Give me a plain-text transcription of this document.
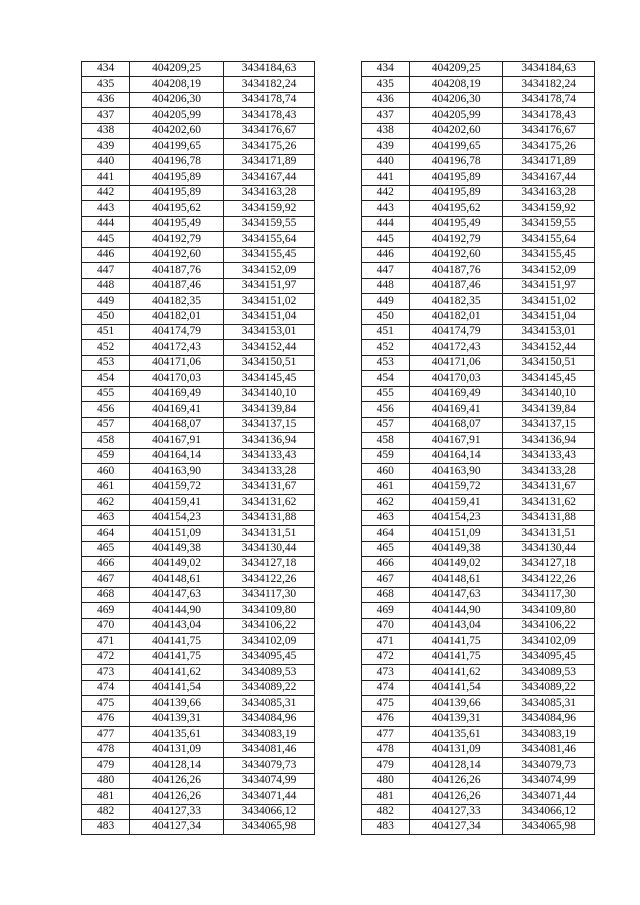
434	404209,25	3434184,63		434	404209,25	3434184,63
435	404208,19	3434182,24		435	404208,19	3434182,24
436	404206,30	3434178,74		436	404206,30	3434178,74
437	404205,99	3434178,43		437	404205,99	3434178,43
438	404202,60	3434176,67		438	404202,60	3434176,67
439	404199,65	3434175,26		439	404199,65	3434175,26
440	404196,78	3434171,89		440	404196,78	3434171,89
441	404195,89	3434167,44		441	404195,89	3434167,44
442	404195,89	3434163,28		442	404195,89	3434163,28
443	404195,62	3434159,92		443	404195,62	3434159,92
444	404195,49	3434159,55		444	404195,49	3434159,55
445	404192,79	3434155,64		445	404192,79	3434155,64
446	404192,60	3434155,45		446	404192,60	3434155,45
447	404187,76	3434152,09		447	404187,76	3434152,09
448	404187,46	3434151,97		448	404187,46	3434151,97
449	404182,35	3434151,02		449	404182,35	3434151,02
450	404182,01	3434151,04		450	404182,01	3434151,04
451	404174,79	3434153,01		451	404174,79	3434153,01
452	404172,43	3434152,44		452	404172,43	3434152,44
453	404171,06	3434150,51		453	404171,06	3434150,51
454	404170,03	3434145,45		454	404170,03	3434145,45
455	404169,49	3434140,10		455	404169,49	3434140,10
456	404169,41	3434139,84		456	404169,41	3434139,84
457	404168,07	3434137,15		457	404168,07	3434137,15
458	404167,91	3434136,94		458	404167,91	3434136,94
459	404164,14	3434133,43		459	404164,14	3434133,43
460	404163,90	3434133,28		460	404163,90	3434133,28
461	404159,72	3434131,67		461	404159,72	3434131,67
462	404159,41	3434131,62		462	404159,41	3434131,62
463	404154,23	3434131,88		463	404154,23	3434131,88
464	404151,09	3434131,51		464	404151,09	3434131,51
465	404149,38	3434130,44		465	404149,38	3434130,44
466	404149,02	3434127,18		466	404149,02	3434127,18
467	404148,61	3434122,26		467	404148,61	3434122,26
468	404147,63	3434117,30		468	404147,63	3434117,30
469	404144,90	3434109,80		469	404144,90	3434109,80
470	404143,04	3434106,22		470	404143,04	3434106,22
471	404141,75	3434102,09		471	404141,75	3434102,09
472	404141,75	3434095,45		472	404141,75	3434095,45
473	404141,62	3434089,53		473	404141,62	3434089,53
474	404141,54	3434089,22		474	404141,54	3434089,22
475	404139,66	3434085,31		475	404139,66	3434085,31
476	404139,31	3434084,96		476	404139,31	3434084,96
477	404135,61	3434083,19		477	404135,61	3434083,19
478	404131,09	3434081,46		478	404131,09	3434081,46
479	404128,14	3434079,73		479	404128,14	3434079,73
480	404126,26	3434074,99		480	404126,26	3434074,99
481	404126,26	3434071,44		481	404126,26	3434071,44
482	404127,33	3434066,12		482	404127,33	3434066,12
483	404127,34	3434065,98		483	404127,34	3434065,98
